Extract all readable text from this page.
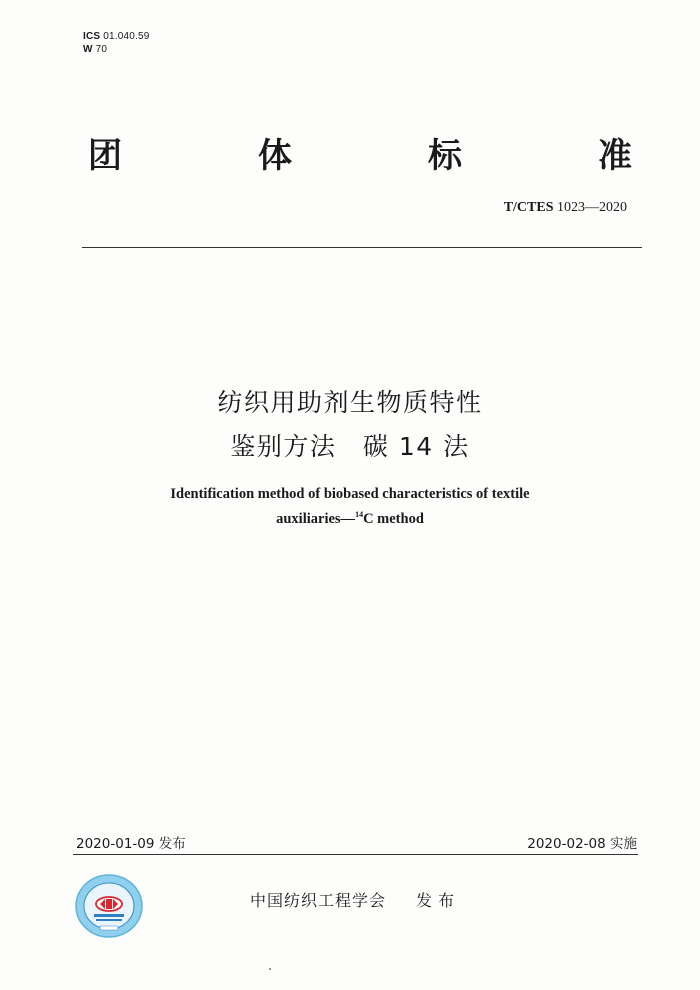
ICS 01.040.59
W 70
团	体	标	准
T/CTES 1023—2020
纺织用助剂生物质特性
鉴别方法　碳 14 法
Identification method of biobased characteristics of textile
auxiliaries—$^{14}$C method
2020-01-09 发布	2020-02-08 实施
中国纺织工程学会 发布
